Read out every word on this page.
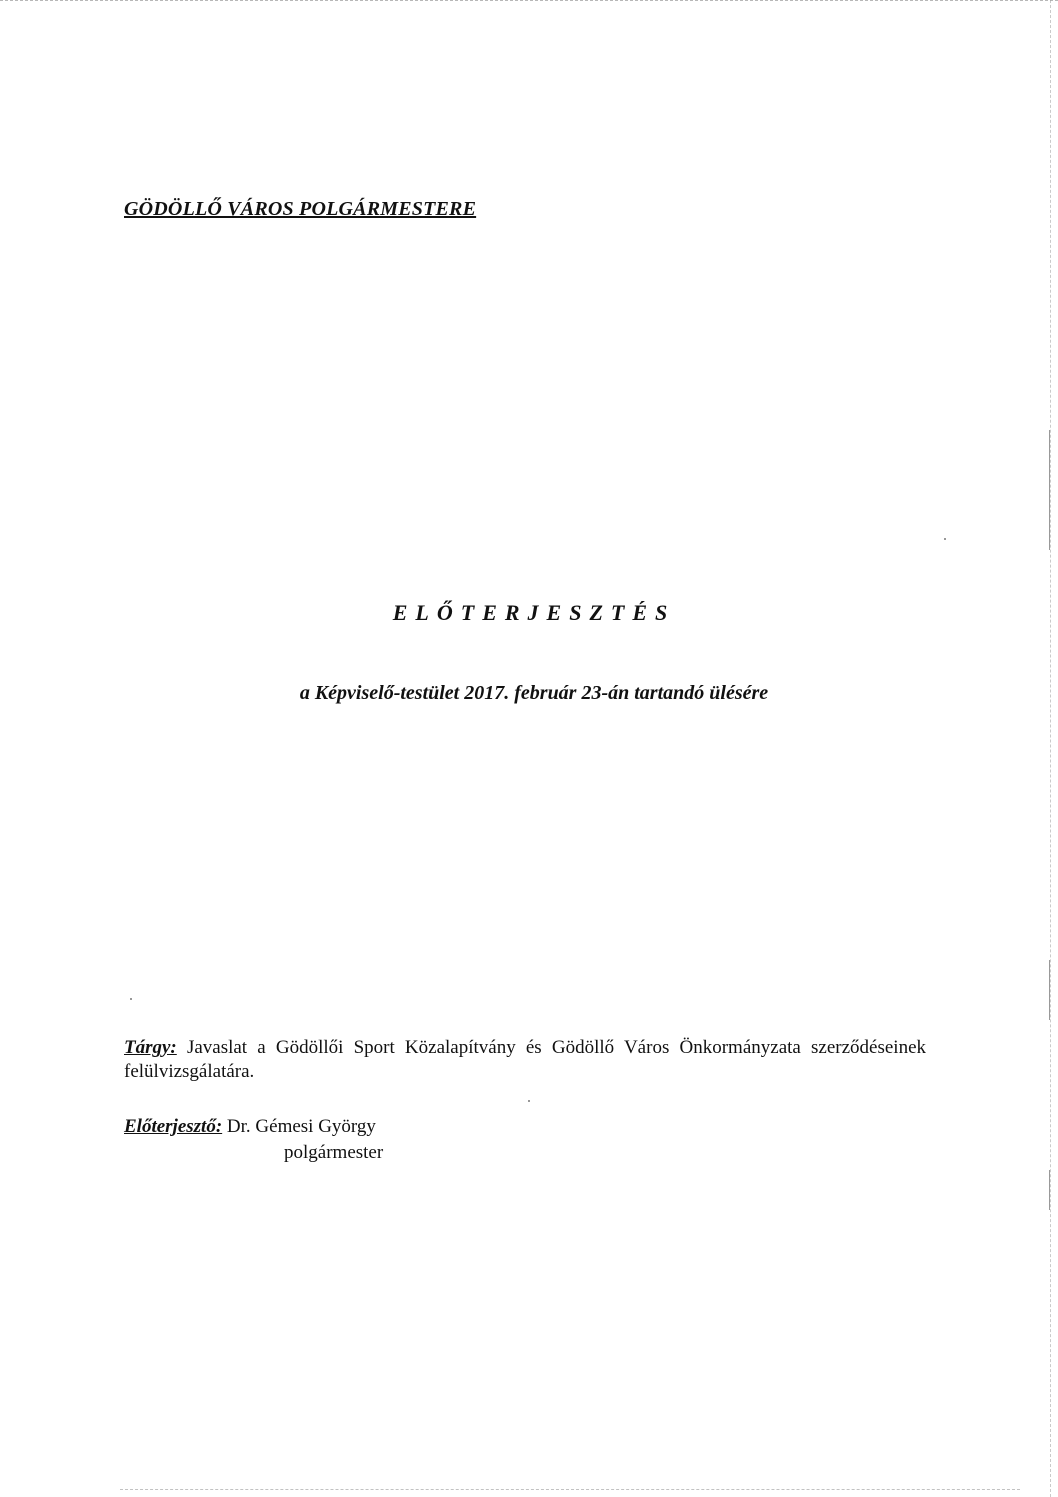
GÖDÖLLŐ VÁROS POLGÁRMESTERE
ELŐTERJESZTÉS
a Képviselő-testület 2017. február 23-án tartandó ülésére
Tárgy: Javaslat a Gödöllői Sport Közalapítvány és Gödöllő Város Önkormányzata szerződéseinek felülvizsgálatára.
Előterjesztő: Dr. Gémesi György
polgármester
